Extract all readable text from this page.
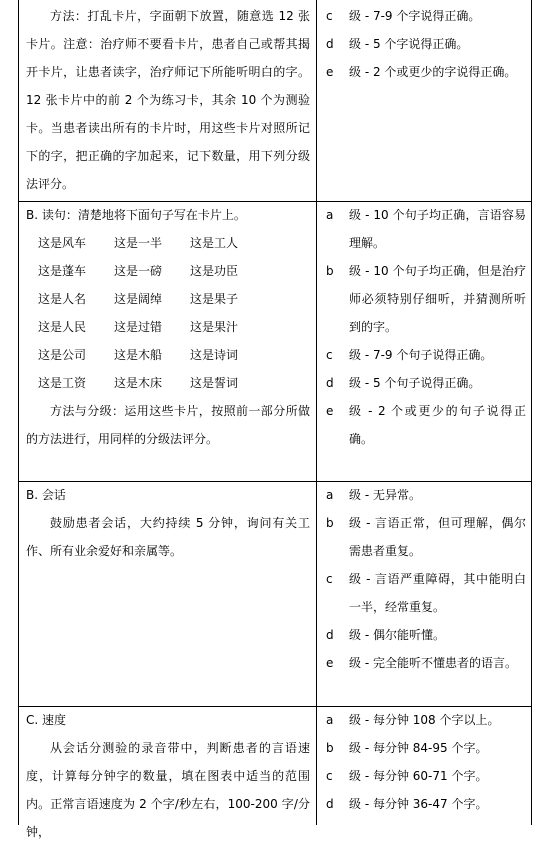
方法：打乱卡片，字面朝下放置，随意选 12 张卡片。注意：治疗师不要看卡片，患者自己或帮其揭开卡片，让患者读字，治疗师记下所能听明白的字。12 张卡片中的前 2 个为练习卡，其余 10 个为测验卡。当患者读出所有的卡片时，用这些卡片对照所记下的字，把正确的字加起来，记下数量，用下列分级法评分。

c	级 - 7-9 个字说得正确。

d	级 - 5 个字说得正确。

e	级 - 2 个或更少的字说得正确。

B. 读句：清楚地将下面句子写在卡片上。

这是风车	这是一半	这是工人
这是蓬车	这是一磅	这是功臣
这是人名	这是阔绰	这是果子
这是人民	这是过错	这是果汁
这是公司	这是木船	这是诗词
这是工资	这是木床	这是誓词

方法与分级：运用这些卡片，按照前一部分所做的方法进行，用同样的分级法评分。

a	级 - 10 个句子均正确，言语容易理解。

b	级 - 10 个句子均正确，但是治疗师必须特别仔细听，并猜测所听到的字。

c	级 - 7-9 个句子说得正确。

d	级 - 5 个句子说得正确。

e	级 - 2 个或更少的句子说得正确。

B. 会话

鼓励患者会话，大约持续 5 分钟，询问有关工作、所有业余爱好和亲属等。

a	级 - 无异常。

b	级 - 言语正常，但可理解，偶尔需患者重复。

c	级 - 言语严重障碍，其中能明白一半，经常重复。

d	级 - 偶尔能听懂。

e	级 - 完全能听不懂患者的语言。

C. 速度

从会话分测验的录音带中，判断患者的言语速度，计算每分钟字的数量，填在图表中适当的范围内。正常言语速度为 2 个字/秒左右，100-200 字/分钟，

a	级 - 每分钟 108 个字以上。

b	级 - 每分钟 84-95 个字。

c	级 - 每分钟 60-71 个字。

d	级 - 每分钟 36-47 个字。
